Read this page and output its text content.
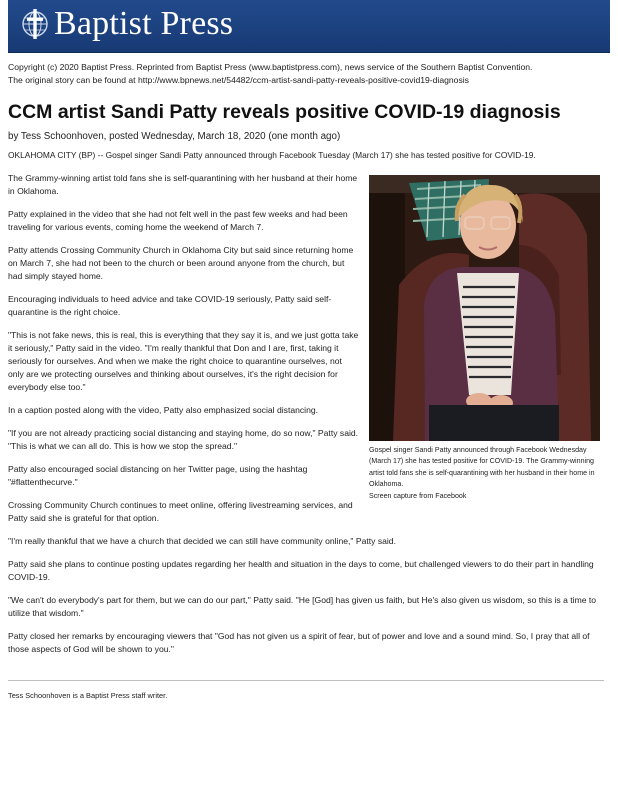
Baptist Press

Copyright (c) 2020 Baptist Press. Reprinted from Baptist Press (www.baptistpress.com), news service of the Southern Baptist Convention.

The original story can be found at http://www.bpnews.net/54482/ccm-artist-sandi-patty-reveals-positive-covid19-diagnosis

CCM artist Sandi Patty reveals positive COVID-19 diagnosis
by Tess Schoonhoven, posted Wednesday, March 18, 2020 (one month ago)
OKLAHOMA CITY (BP) -- Gospel singer Sandi Patty announced through Facebook Tuesday (March 17) she has tested positive for COVID-19.

The Grammy-winning artist told fans she is self-quarantining with her husband at their home in Oklahoma.

Patty explained in the video that she had not felt well in the past few weeks and had been traveling for various events, coming home the weekend of March 7.

Patty attends Crossing Community Church in Oklahoma City but said since returning home on March 7, she had not been to the church or been around anyone from the church, but had simply stayed home.

Encouraging individuals to heed advice and take COVID-19 seriously, Patty said self-quarantine is the right choice.

"This is not fake news, this is real, this is everything that they say it is, and we just gotta take it seriously," Patty said in the video. "I'm really thankful that Don and I are, first, taking it seriously for ourselves. And when we make the right choice to quarantine ourselves, not only are we protecting ourselves and thinking about ourselves, it's the right decision for everybody else too."

In a caption posted along with the video, Patty also emphasized social distancing.

"If you are not already practicing social distancing and staying home, do so now," Patty said. "This is what we can all do. This is how we stop the spread."

Patty also encouraged social distancing on her Twitter page, using the hashtag "#flattenthecurve."

Crossing Community Church continues to meet online, offering livestreaming services, and Patty said she is grateful for that option.

"I'm really thankful that we have a church that decided we can still have community online," Patty said.

Patty said she plans to continue posting updates regarding her health and situation in the days to come, but challenged viewers to do their part in handling COVID-19.

"We can't do everybody's part for them, but we can do our part," Patty said. "He [God] has given us faith, but He's also given us wisdom, so this is a time to utilize that wisdom."

Patty closed her remarks by encouraging viewers that "God has not given us a spirit of fear, but of power and love and a sound mind. So, I pray that all of those aspects of God will be shown to you."

Gospel singer Sandi Patty announced through Facebook Wednesday (March 17) she has tested positive for COVID-19. The Grammy-winning artist told fans she is self-quarantining with her husband in their home in Oklahoma.

Screen capture from Facebook

Tess Schoonhoven is a Baptist Press staff writer.
